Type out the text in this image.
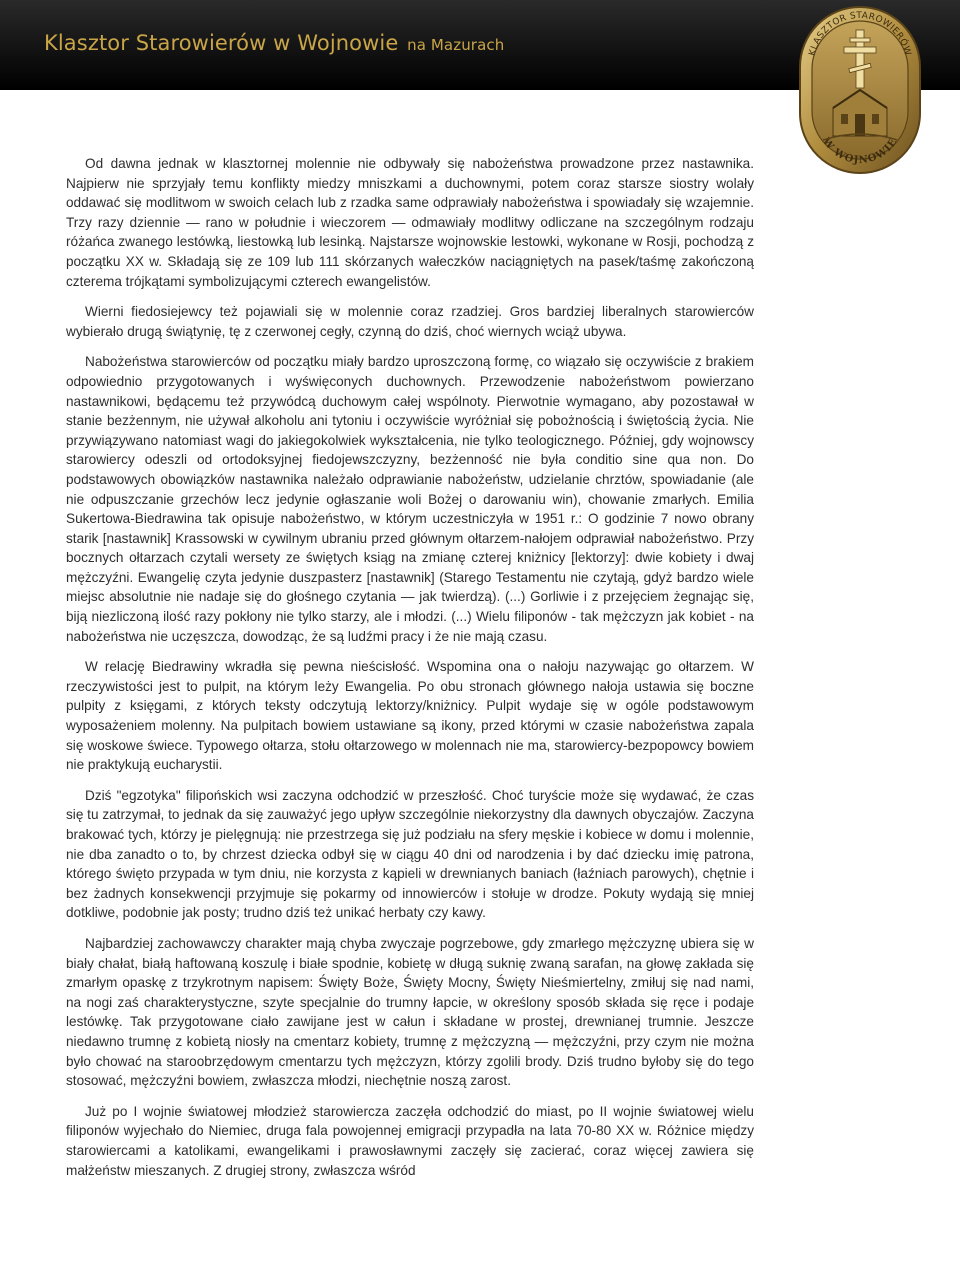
Klasztor Starowierów w Wojnowie na Mazurach	KLASZTOR STAROWIERÓW
W WOJNOWIE

Od dawna jednak w klasztornej molennie nie odbywały się nabożeństwa prowadzone przez nastawnika. Najpierw nie sprzyjały temu konflikty miedzy mniszkami a duchownymi, potem coraz starsze siostry wolały oddawać się modlitwom w swoich celach lub z rzadka same odprawiały nabożeństwa i spowiadały się wzajemnie. Trzy razy dziennie — rano w południe i wieczorem — odmawiały modlitwy odliczane na szczególnym rodzaju różańca zwanego lestówką, liestowką lub lesinką. Najstarsze wojnowskie lestowki, wykonane w Rosji, pochodzą z początku XX w. Składają się ze 109 lub 111 skórzanych wałeczków naciągniętych na pasek/taśmę zakończoną czterema trójkątami symbolizującymi czterech ewangelistów.

Wierni fiedosiejewcy też pojawiali się w molennie coraz rzadziej. Gros bardziej liberalnych starowierców wybierało drugą świątynię, tę z czerwonej cegły, czynną do dziś, choć wiernych wciąż ubywa.

Nabożeństwa starowierców od początku miały bardzo uproszczoną formę, co wiązało się oczywiście z brakiem odpowiednio przygotowanych i wyświęconych duchownych. Przewodzenie nabożeństwom powierzano nastawnikowi, będącemu też przywódcą duchowym całej wspólnoty. Pierwotnie wymagano, aby pozostawał w stanie bezżennym, nie używał alkoholu ani tytoniu i oczywiście wyróżniał się pobożnością i świętością życia. Nie przywiązywano natomiast wagi do jakiegokolwiek wykształcenia, nie tylko teologicznego. Później, gdy wojnowscy starowiercy odeszli od ortodoksyjnej fiedojewszczyzny, bezżenność nie była conditio sine qua non. Do podstawowych obowiązków nastawnika należało odprawianie nabożeństw, udzielanie chrztów, spowiadanie (ale nie odpuszczanie grzechów lecz jedynie ogłaszanie woli Bożej o darowaniu win), chowanie zmarłych. Emilia Sukertowa-Biedrawina tak opisuje nabożeństwo, w którym uczestniczyła w 1951 r.: O godzinie 7 nowo obrany starik [nastawnik] Krassowski w cywilnym ubraniu przed głównym ołtarzem-nałojem odprawiał nabożeństwo. Przy bocznych ołtarzach czytali wersety ze świętych ksiąg na zmianę czterej kniżnicy [lektorzy]: dwie kobiety i dwaj mężczyźni. Ewangelię czyta jedynie duszpasterz [nastawnik] (Starego Testamentu nie czytają, gdyż bardzo wiele miejsc absolutnie nie nadaje się do głośnego czytania — jak twierdzą). (...) Gorliwie i z przejęciem żegnając się, biją niezliczoną ilość razy pokłony nie tylko starzy, ale i młodzi. (...) Wielu filiponów - tak mężczyzn jak kobiet - na nabożeństwa nie uczęszcza, dowodząc, że są ludźmi pracy i że nie mają czasu.

W relację Biedrawiny wkradła się pewna nieścisłość. Wspomina ona o nałoju nazywając go ołtarzem. W rzeczywistości jest to pulpit, na którym leży Ewangelia. Po obu stronach głównego nałoja ustawia się boczne pulpity z księgami, z których teksty odczytują lektorzy/kniżnicy. Pulpit wydaje się w ogóle podstawowym wyposażeniem molenny. Na pulpitach bowiem ustawiane są ikony, przed którymi w czasie nabożeństwa zapala się woskowe świece. Typowego ołtarza, stołu ołtarzowego w molennach nie ma, starowiercy-bezpopowcy bowiem nie praktykują eucharystii.

Dziś "egzotyka" filipońskich wsi zaczyna odchodzić w przeszłość. Choć turyście może się wydawać, że czas się tu zatrzymał, to jednak da się zauważyć jego upływ szczególnie niekorzystny dla dawnych obyczajów. Zaczyna brakować tych, którzy je pielęgnują: nie przestrzega się już podziału na sfery męskie i kobiece w domu i molennie, nie dba zanadto o to, by chrzest dziecka odbył się w ciągu 40 dni od narodzenia i by dać dziecku imię patrona, którego święto przypada w tym dniu, nie korzysta z kąpieli w drewnianych baniach (łaźniach parowych), chętnie i bez żadnych konsekwencji przyjmuje się pokarmy od innowierców i stołuje w drodze. Pokuty wydają się mniej dotkliwe, podobnie jak posty; trudno dziś też unikać herbaty czy kawy.

Najbardziej zachowawczy charakter mają chyba zwyczaje pogrzebowe, gdy zmarłego mężczyznę ubiera się w biały chałat, białą haftowaną koszulę i białe spodnie, kobietę w długą suknię zwaną sarafan, na głowę zakłada się zmarłym opaskę z trzykrotnym napisem: Święty Boże, Święty Mocny, Święty Nieśmiertelny, zmiłuj się nad nami, na nogi zaś charakterystyczne, szyte specjalnie do trumny łapcie, w określony sposób składa się ręce i podaje lestówkę. Tak przygotowane ciało zawijane jest w całun i składane w prostej, drewnianej trumnie. Jeszcze niedawno trumnę z kobietą niosły na cmentarz kobiety, trumnę z mężczyzną — mężczyźni, przy czym nie można było chować na staroobrzędowym cmentarzu tych mężczyzn, którzy zgolili brody. Dziś trudno byłoby się do tego stosować, mężczyźni bowiem, zwłaszcza młodzi, niechętnie noszą zarost.

Już po I wojnie światowej młodzież starowiercza zaczęła odchodzić do miast, po II wojnie światowej wielu filiponów wyjechało do Niemiec, druga fala powojennej emigracji przypadła na lata 70-80 XX w. Różnice między starowiercami a katolikami, ewangelikami i prawosławnymi zaczęły się zacierać, coraz więcej zawiera się małżeństw mieszanych. Z drugiej strony, zwłaszcza wśród
